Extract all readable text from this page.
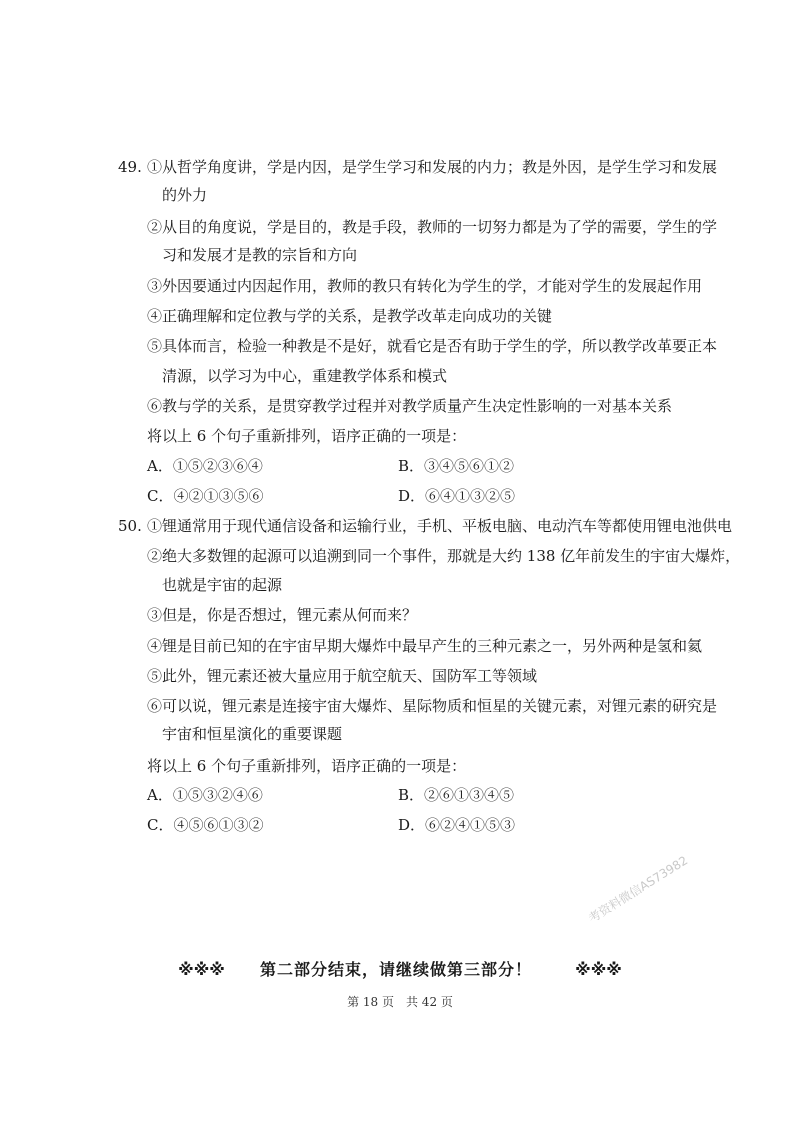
49. ①从哲学角度讲，学是内因，是学生学习和发展的内力；教是外因，是学生学习和发展
的外力
②从目的角度说，学是目的，教是手段，教师的一切努力都是为了学的需要，学生的学
习和发展才是教的宗旨和方向
③外因要通过内因起作用，教师的教只有转化为学生的学，才能对学生的发展起作用
④正确理解和定位教与学的关系，是教学改革走向成功的关键
⑤具体而言，检验一种教是不是好，就看它是否有助于学生的学，所以教学改革要正本
清源，以学习为中心，重建教学体系和模式
⑥教与学的关系，是贯穿教学过程并对教学质量产生决定性影响的一对基本关系
将以上 6 个句子重新排列，语序正确的一项是：
A．①⑤②③⑥④	B．③④⑤⑥①②
C．④②①③⑤⑥	D．⑥④①③②⑤
50. ①锂通常用于现代通信设备和运输行业，手机、平板电脑、电动汽车等都使用锂电池供电
②绝大多数锂的起源可以追溯到同一个事件，那就是大约 138 亿年前发生的宇宙大爆炸，
也就是宇宙的起源
③但是，你是否想过，锂元素从何而来？
④锂是目前已知的在宇宙早期大爆炸中最早产生的三种元素之一，另外两种是氢和氦
⑤此外，锂元素还被大量应用于航空航天、国防军工等领域
⑥可以说，锂元素是连接宇宙大爆炸、星际物质和恒星的关键元素，对锂元素的研究是
宇宙和恒星演化的重要课题
将以上 6 个句子重新排列，语序正确的一项是：
A．①⑤③②④⑥	B．②⑥①③④⑤
C．④⑤⑥①③②	D．⑥②④①⑤③
考资料微信AS73982
※※※ 第二部分结束，请继续做第三部分！	※※※
第 18 页　共 42 页
